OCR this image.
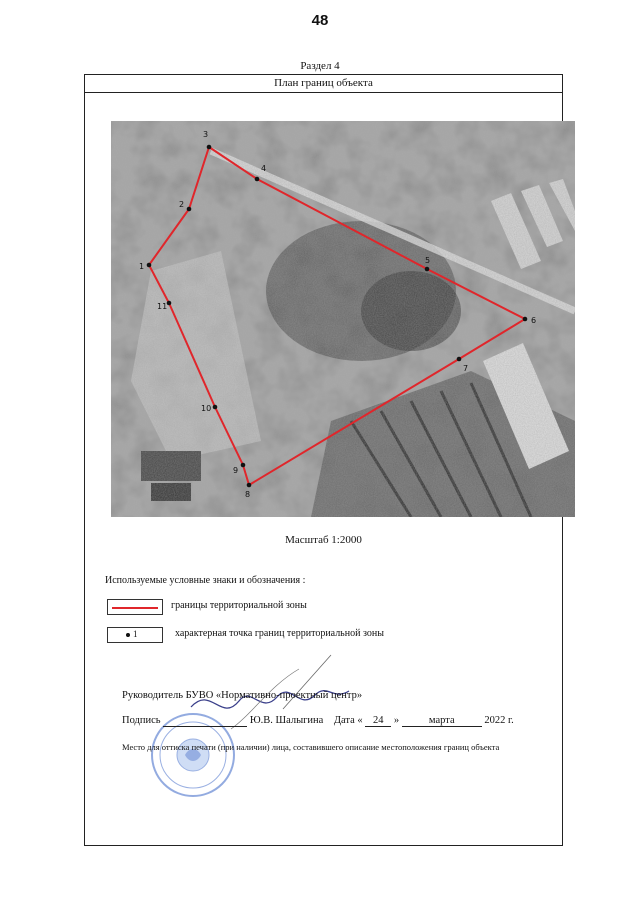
48
Раздел 4
План границ объекта
1
2
3
4
5
6
7
8
9
10
11
Масштаб 1:2000
Используемые условные знаки и обозначения :
границы территориальной зоны
1	характерная точка границ территориальной зоны
Руководитель БУВО «Нормативно-проектный центр»
Подпись	Ю.В. Шалыгина Дата « 24 »	марта	2022 г.
Место для оттиска печати (при наличии) лица, составившего описание местоположения границ объекта
